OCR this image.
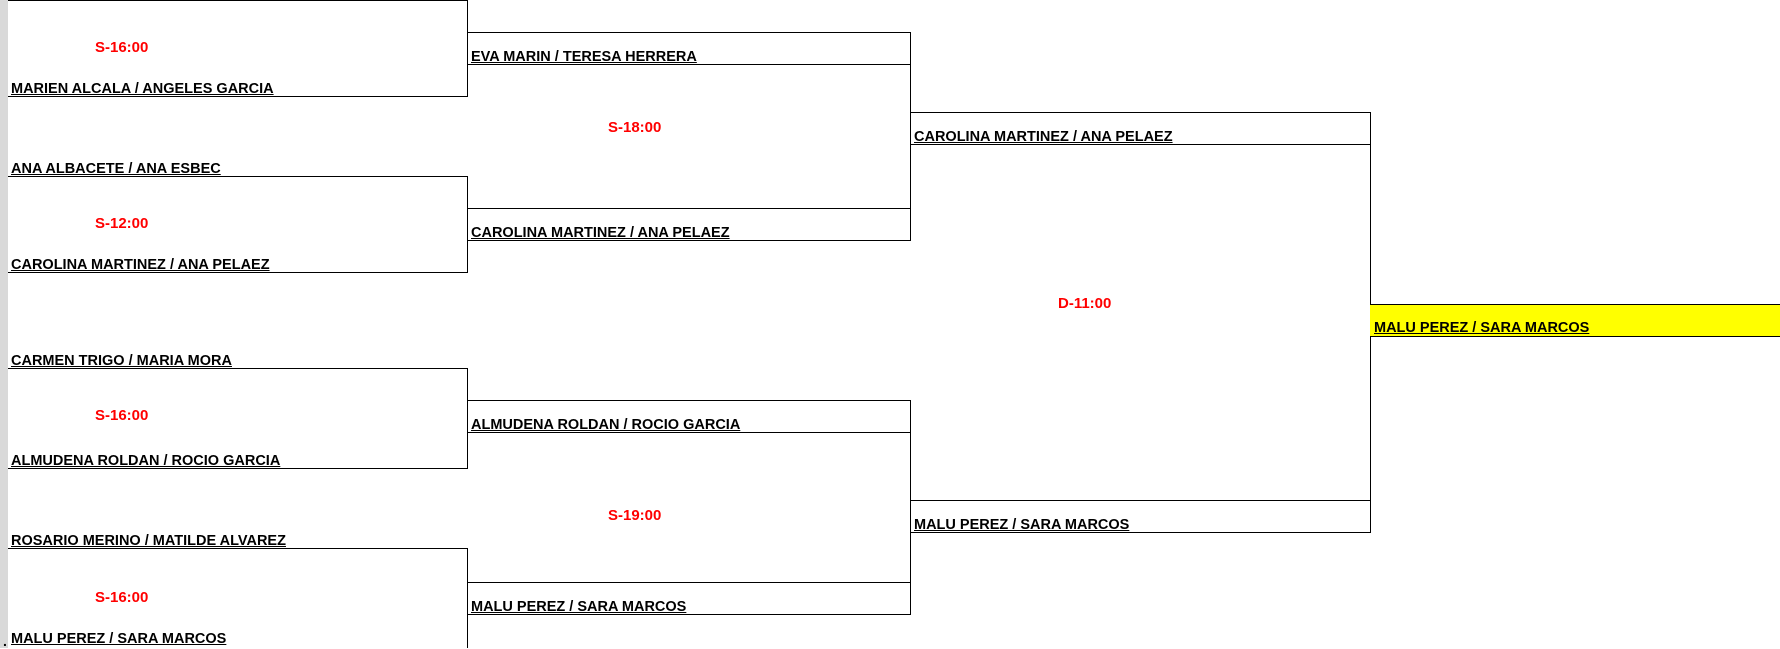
.
MALU PEREZ / SARA MARCOS
S-16:00
MARIEN ALCALA / ANGELES GARCIA
ANA ALBACETE / ANA ESBEC
S-12:00
CAROLINA MARTINEZ / ANA PELAEZ
CARMEN TRIGO / MARIA MORA
S-16:00
ALMUDENA ROLDAN / ROCIO GARCIA
ROSARIO MERINO / MATILDE ALVAREZ
S-16:00
MALU PEREZ / SARA MARCOS
EVA MARIN / TERESA HERRERA
S-18:00
CAROLINA MARTINEZ / ANA PELAEZ
ALMUDENA ROLDAN / ROCIO GARCIA
S-19:00
MALU PEREZ / SARA MARCOS
CAROLINA MARTINEZ / ANA PELAEZ
D-11:00
MALU PEREZ / SARA MARCOS
